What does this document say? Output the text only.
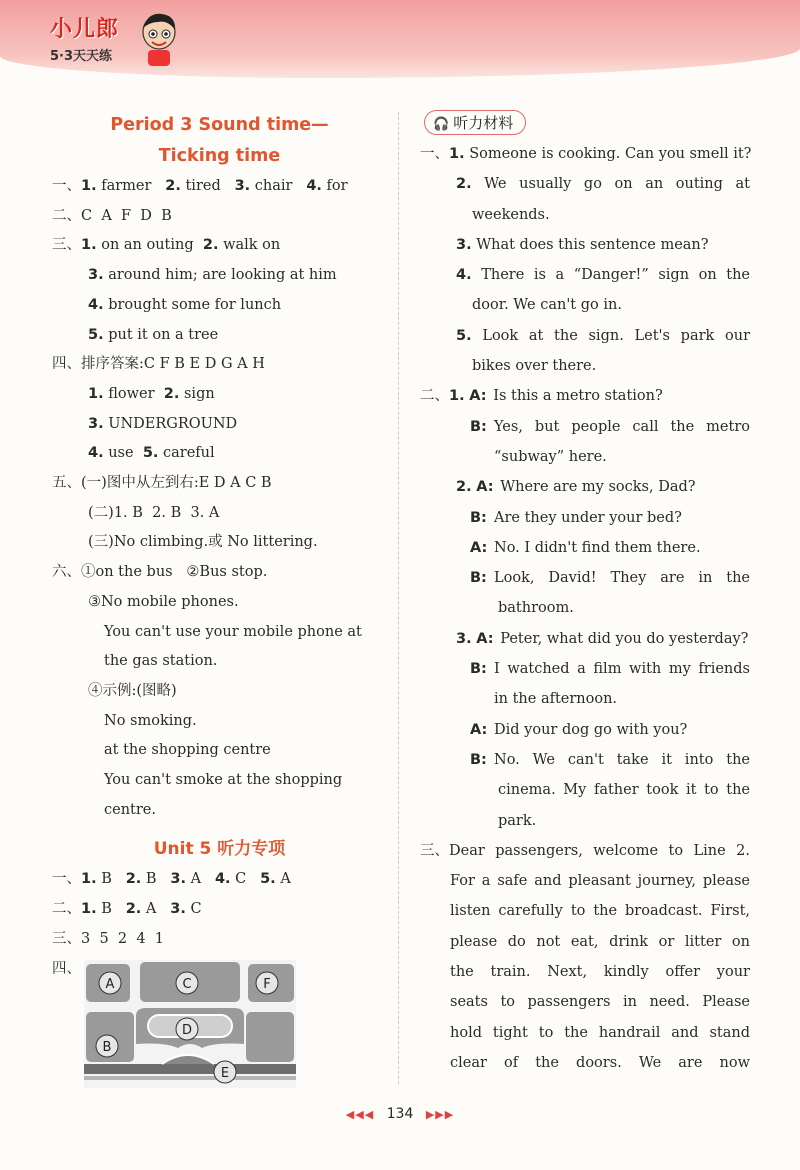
小儿郎
5·3天天练
Period 3 Sound time—
Ticking time
一、1. farmer 2. tired 3. chair 4. for
二、C  A  F  D  B
三、1. on an outing 2. walk on
3. around him; are looking at him
4. brought some for lunch
5. put it on a tree
四、排序答案:C F B E D G A H
1. flower 2. sign
3. UNDERGROUND
4. use 5. careful
五、(一)图中从左到右:E D A C B
(二)1. B 2. B 3. A
(三)No climbing.或 No littering.
六、①on the bus   ②Bus stop.
③No mobile phones.
You can't use your mobile phone at
the gas station.
④示例:(图略)
No smoking.
at the shopping centre
You can't smoke at the shopping
centre.
Unit 5 听力专项
一、1. B 2. B 3. A 4. C 5. A
二、1. B 2. A 3. C
三、3  5  2  4  1
四、
A	C	F
D
B
E
🎧 听力材料
一、1. Someone is cooking. Can you smell it?
2. We usually go on an outing at
weekends.
3. What does this sentence mean?
4. There is a “Danger!” sign on the
door. We can't go in.
5. Look at the sign. Let's park our
bikes over there.
二、1. A: Is this a metro station?
B: Yes, but people call the metro
“subway” here.
2. A: Where are my socks, Dad?
B: Are they under your bed?
A: No. I didn't find them there.
B: Look, David! They are in the
bathroom.
3. A: Peter, what did you do yesterday?
B: I watched a film with my friends
in the afternoon.
A: Did your dog go with you?
B: No. We can't take it into the
cinema. My father took it to the
park.
三、 Dear passengers, welcome to Line 2.
For a safe and pleasant journey, please
listen carefully to the broadcast. First,
please do not eat, drink or litter on
the train. Next, kindly offer your
seats to passengers in need. Please
hold tight to the handrail and stand
clear of the doors. We are now
◀◀◀ 134 ▶▶▶
